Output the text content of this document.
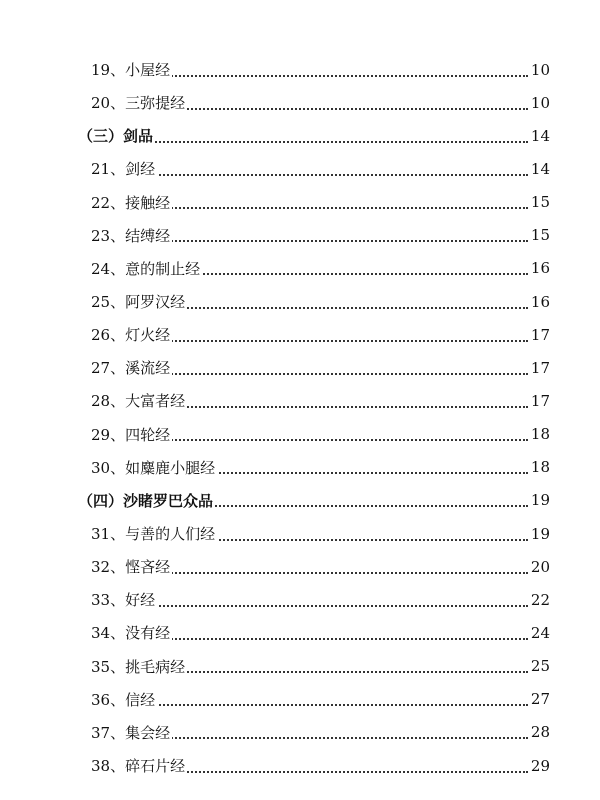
19、小屋经	10
20、三弥提经	10
（三）剑品	14
21、剑经	14
22、接触经	15
23、结缚经	15
24、意的制止经	16
25、阿罗汉经	16
26、灯火经	17
27、溪流经	17
28、大富者经	17
29、四轮经	18
30、如麋鹿小腿经	18
（四）沙睹罗巴众品	19
31、与善的人们经	19
32、悭吝经	20
33、好经	22
34、没有经	24
35、挑毛病经	25
36、信经	27
37、集会经	28
38、碎石片经	29
